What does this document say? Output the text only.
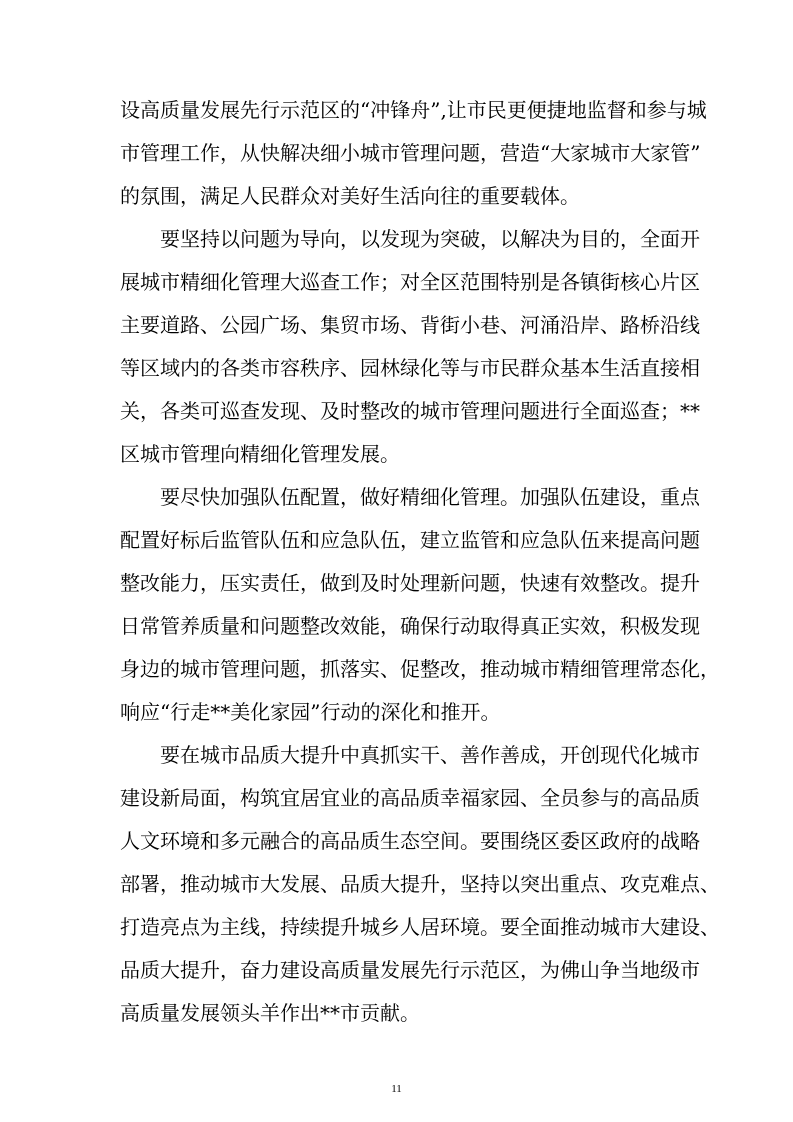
设高质量发展先行示范区的“冲锋舟”,让市民更便捷地监督和参与城
市管理工作，从快解决细小城市管理问题，营造“大家城市大家管”
的氛围，满足人民群众对美好生活向往的重要载体。
要坚持以问题为导向，以发现为突破，以解决为目的，全面开
展城市精细化管理大巡查工作；对全区范围特别是各镇街核心片区
主要道路、公园广场、集贸市场、背街小巷、河涌沿岸、路桥沿线
等区域内的各类市容秩序、园林绿化等与市民群众基本生活直接相
关，各类可巡查发现、及时整改的城市管理问题进行全面巡查；**
区城市管理向精细化管理发展。
要尽快加强队伍配置，做好精细化管理。加强队伍建设，重点
配置好标后监管队伍和应急队伍，建立监管和应急队伍来提高问题
整改能力，压实责任，做到及时处理新问题，快速有效整改。提升
日常管养质量和问题整改效能，确保行动取得真正实效，积极发现
身边的城市管理问题，抓落实、促整改，推动城市精细管理常态化，
响应“行走**美化家园”行动的深化和推开。
要在城市品质大提升中真抓实干、善作善成，开创现代化城市
建设新局面，构筑宜居宜业的高品质幸福家园、全员参与的高品质
人文环境和多元融合的高品质生态空间。要围绕区委区政府的战略
部署，推动城市大发展、品质大提升，坚持以突出重点、攻克难点、
打造亮点为主线，持续提升城乡人居环境。要全面推动城市大建设、
品质大提升，奋力建设高质量发展先行示范区，为佛山争当地级市
高质量发展领头羊作出**市贡献。
11
